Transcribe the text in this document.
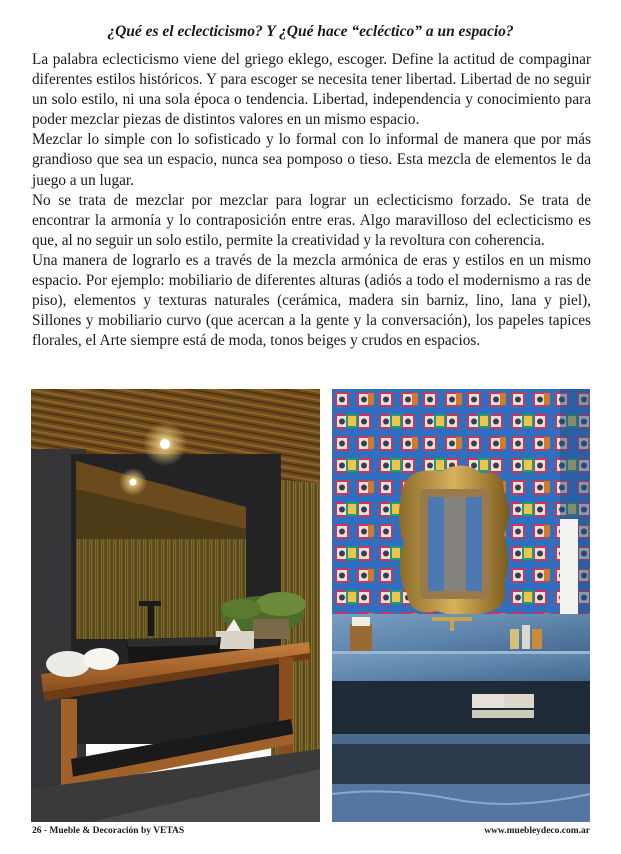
¿Qué es el eclecticismo? Y ¿Qué hace “ecléctico” a un espacio?

La palabra eclecticismo viene del griego eklego, escoger. Define la actitud de compaginar diferentes estilos históricos. Y para escoger se necesita tener libertad. Libertad de no seguir un solo estilo, ni una sola época o tendencia. Libertad, independencia y conocimiento para poder mezclar piezas de distintos valores en un mismo espacio.

Mezclar lo simple con lo sofisticado y lo formal con lo informal de manera que por más grandioso que sea un espacio, nunca sea pomposo o tieso. Esta mezcla de elementos le da juego a un lugar.

No se trata de mezclar por mezclar para lograr un eclecticismo forzado. Se trata de encontrar la armonía y lo contraposición entre eras. Algo maravilloso del eclecticismo es que, al no seguir un solo estilo, permite la creatividad y la revoltura con coherencia.

Una manera de lograrlo es a través de la mezcla armónica de eras y estilos en un mismo espacio. Por ejemplo: mobiliario de diferentes alturas (adiós a todo el modernismo a ras de piso), elementos y texturas naturales (cerámica, madera sin barniz, lino, lana y piel), Sillones y mobiliario curvo (que acercan a la gente y la conversación), los papeles tapices florales, el Arte siempre está de moda, tonos beiges y crudos en espacios.

26 - Mueble & Decoración by VETAS	www.muebleydeco.com.ar
